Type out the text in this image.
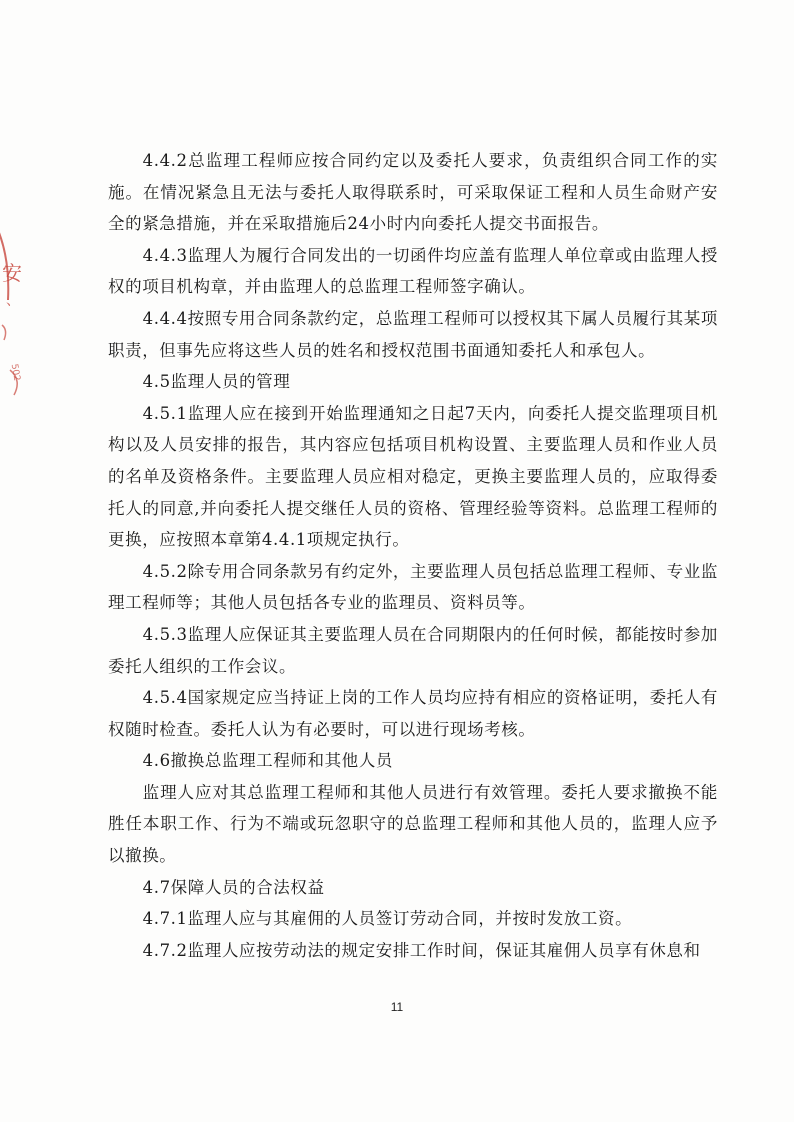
安
、
502

4.4.2总监理工程师应按合同约定以及委托人要求，负责组织合同工作的实施。在情况紧急且无法与委托人取得联系时，可采取保证工程和人员生命财产安全的紧急措施，并在采取措施后24小时内向委托人提交书面报告。

4.4.3监理人为履行合同发出的一切函件均应盖有监理人单位章或由监理人授权的项目机构章，并由监理人的总监理工程师签字确认。

4.4.4按照专用合同条款约定，总监理工程师可以授权其下属人员履行其某项职责，但事先应将这些人员的姓名和授权范围书面通知委托人和承包人。

4.5监理人员的管理

4.5.1监理人应在接到开始监理通知之日起7天内，向委托人提交监理项目机构以及人员安排的报告，其内容应包括项目机构设置、主要监理人员和作业人员的名单及资格条件。主要监理人员应相对稳定，更换主要监理人员的，应取得委托人的同意,并向委托人提交继任人员的资格、管理经验等资料。总监理工程师的更换，应按照本章第4.4.1项规定执行。

4.5.2除专用合同条款另有约定外，主要监理人员包括总监理工程师、专业监理工程师等；其他人员包括各专业的监理员、资料员等。

4.5.3监理人应保证其主要监理人员在合同期限内的任何时候，都能按时参加委托人组织的工作会议。

4.5.4国家规定应当持证上岗的工作人员均应持有相应的资格证明，委托人有权随时检查。委托人认为有必要时，可以进行现场考核。

4.6撤换总监理工程师和其他人员

监理人应对其总监理工程师和其他人员进行有效管理。委托人要求撤换不能胜任本职工作、行为不端或玩忽职守的总监理工程师和其他人员的，监理人应予以撤换。

4.7保障人员的合法权益

4.7.1监理人应与其雇佣的人员签订劳动合同，并按时发放工资。

4.7.2监理人应按劳动法的规定安排工作时间，保证其雇佣人员享有休息和

11
